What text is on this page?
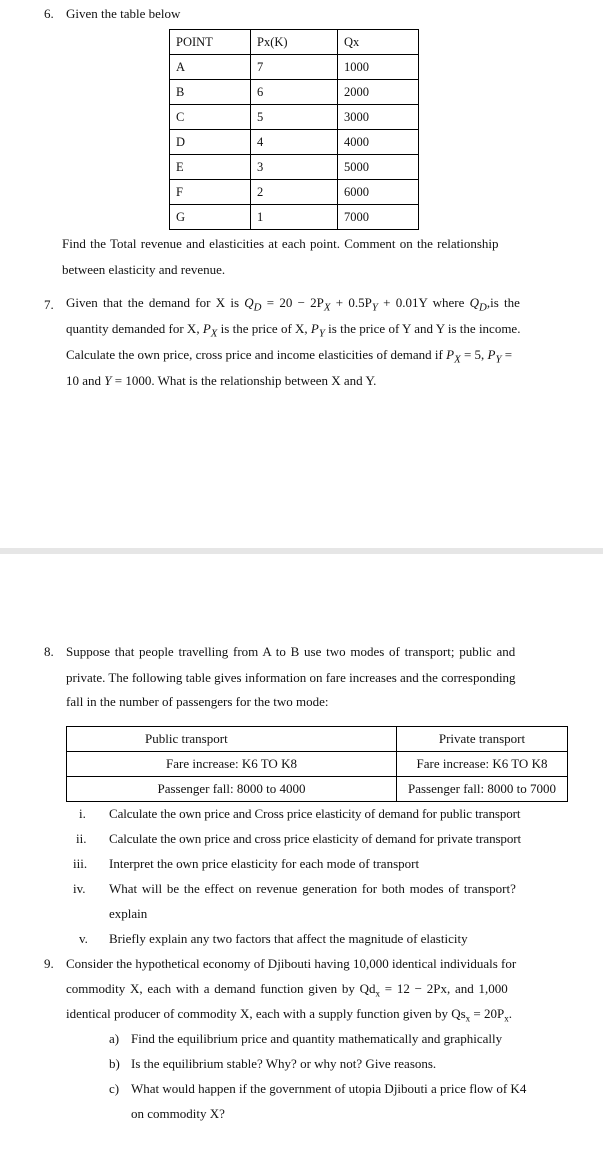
6. Given the table below
POINT	Px(K)	Qx
A	7	1000
B	6	2000
C	5	3000
D	4	4000
E	3	5000
F	2	6000
G	1	7000
Find the Total revenue and elasticities at each point. Comment on the relationship
between elasticity and revenue.
7. Given that the demand for X is $Q_D = 20 - 2P_X + 0.5P_Y + 0.01Y$ where $Q_D,is$ the
quantity demanded for X, $P_X$ is the price of X, $P_Y$ is the price of Y and Y is the income.
Calculate the own price, cross price and income elasticities of demand if $P_X = 5$, $P_Y$ =
10 and Y = 1000. What is the relationship between X and Y.
8. Suppose that people travelling from A to B use two modes of transport; public and
private. The following table gives information on fare increases and the corresponding
fall in the number of passengers for the two mode:
Public transport	Private transport
Fare increase: K6 TO K8	Fare increase: K6 TO K8
Passenger fall: 8000 to 4000	Passenger fall: 8000 to 7000
i. Calculate the own price and Cross price elasticity of demand for public transport
ii. Calculate the own price and cross price elasticity of demand for private transport
iii. Interpret the own price elasticity for each mode of transport
iv. What will be the effect on revenue generation for both modes of transport?
explain
v. Briefly explain any two factors that affect the magnitude of elasticity
9. Consider the hypothetical economy of Djibouti having 10,000 identical individuals for
commodity X, each with a demand function given by $Qd_x = 12 - 2Px$, and 1,000
identical producer of commodity X, each with a supply function given by $Qs_x = 20P_x$.
a) Find the equilibrium price and quantity mathematically and graphically
b) Is the equilibrium stable? Why? or why not? Give reasons.
c) What would happen if the government of utopia Djibouti a price flow of K4
on commodity X?
